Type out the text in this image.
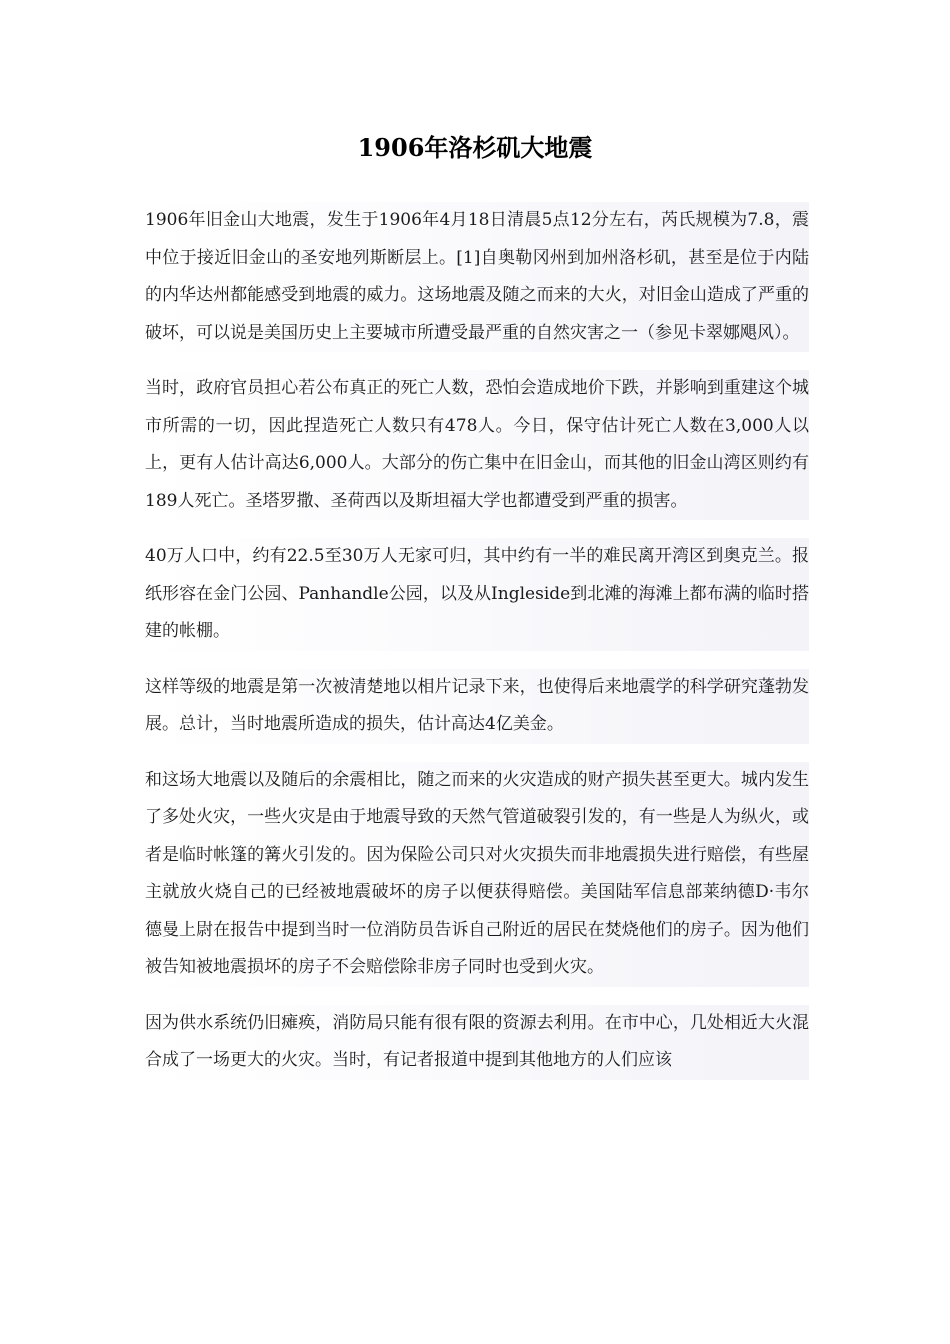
1906年洛杉矶大地震

1906年旧金山大地震，发生于1906年4月18日清晨5点12分左右，芮氏规模为7.8，震中位于接近旧金山的圣安地列斯断层上。[1]自奥勒冈州到加州洛杉矶，甚至是位于内陆的内华达州都能感受到地震的威力。这场地震及随之而来的大火，对旧金山造成了严重的破坏，可以说是美国历史上主要城市所遭受最严重的自然灾害之一（参见卡翠娜飓风）。

当时，政府官员担心若公布真正的死亡人数，恐怕会造成地价下跌，并影响到重建这个城市所需的一切，因此捏造死亡人数只有478人。今日，保守估计死亡人数在3,000人以上，更有人估计高达6,000人。大部分的伤亡集中在旧金山，而其他的旧金山湾区则约有189人死亡。圣塔罗撒、圣荷西以及斯坦福大学也都遭受到严重的损害。

40万人口中，约有22.5至30万人无家可归，其中约有一半的难民离开湾区到奥克兰。报纸形容在金门公园、Panhandle公园，以及从Ingleside到北滩的海滩上都布满的临时搭建的帐棚。

这样等级的地震是第一次被清楚地以相片记录下来，也使得后来地震学的科学研究蓬勃发展。总计，当时地震所造成的损失，估计高达4亿美金。

和这场大地震以及随后的余震相比，随之而来的火灾造成的财产损失甚至更大。城内发生了多处火灾，一些火灾是由于地震导致的天然气管道破裂引发的，有一些是人为纵火，或者是临时帐篷的篝火引发的。因为保险公司只对火灾损失而非地震损失进行赔偿，有些屋主就放火烧自己的已经被地震破坏的房子以便获得赔偿。美国陆军信息部莱纳德D·韦尔德曼上尉在报告中提到当时一位消防员告诉自己附近的居民在焚烧他们的房子。因为他们被告知被地震损坏的房子不会赔偿除非房子同时也受到火灾。

因为供水系统仍旧瘫痪，消防局只能有很有限的资源去利用。在市中心，几处相近大火混合成了一场更大的火灾。当时，有记者报道中提到其他地方的人们应该
